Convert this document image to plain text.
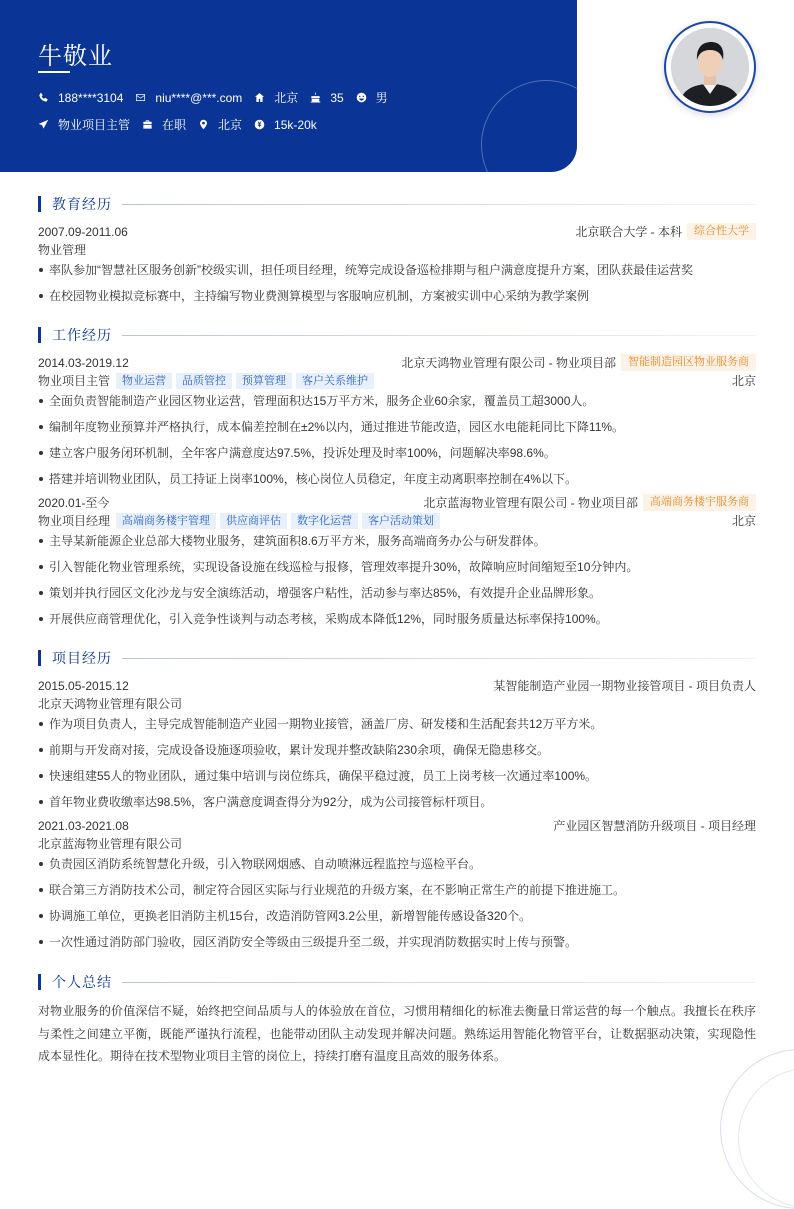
牛敬业
188****3104	niu****@***.com	北京	35	男
物业项目主管	在职	北京	15k-20k
教育经历
2007.09-2011.06	北京联合大学 - 本科	综合性大学
物业管理
率队参加“智慧社区服务创新”校级实训，担任项目经理，统筹完成设备巡检排期与租户满意度提升方案，团队获最佳运营奖
在校园物业模拟竞标赛中，主持编写物业费测算模型与客服响应机制，方案被实训中心采纳为教学案例
工作经历
2014.03-2019.12	北京天鸿物业管理有限公司 - 物业项目部	智能制造园区物业服务商
物业项目主管	物业运营	品质管控	预算管理	客户关系维护	北京
全面负责智能制造产业园区物业运营，管理面积达15万平方米，服务企业60余家，覆盖员工超3000人。
编制年度物业预算并严格执行，成本偏差控制在±2%以内，通过推进节能改造，园区水电能耗同比下降11%。
建立客户服务闭环机制，全年客户满意度达97.5%，投诉处理及时率100%，问题解决率98.6%。
搭建并培训物业团队，员工持证上岗率100%，核心岗位人员稳定，年度主动离职率控制在4%以下。
2020.01-至今	北京蓝海物业管理有限公司 - 物业项目部	高端商务楼宇服务商
物业项目经理	高端商务楼宇管理	供应商评估	数字化运营	客户活动策划	北京
主导某新能源企业总部大楼物业服务，建筑面积8.6万平方米，服务高端商务办公与研发群体。
引入智能化物业管理系统，实现设备设施在线巡检与报修，管理效率提升30%，故障响应时间缩短至10分钟内。
策划并执行园区文化沙龙与安全演练活动，增强客户粘性，活动参与率达85%，有效提升企业品牌形象。
开展供应商管理优化，引入竞争性谈判与动态考核，采购成本降低12%，同时服务质量达标率保持100%。
项目经历
2015.05-2015.12	某智能制造产业园一期物业接管项目 - 项目负责人
北京天鸿物业管理有限公司
作为项目负责人，主导完成智能制造产业园一期物业接管，涵盖厂房、研发楼和生活配套共12万平方米。
前期与开发商对接，完成设备设施逐项验收，累计发现并整改缺陷230余项，确保无隐患移交。
快速组建55人的物业团队，通过集中培训与岗位练兵，确保平稳过渡，员工上岗考核一次通过率100%。
首年物业费收缴率达98.5%，客户满意度调查得分为92分，成为公司接管标杆项目。
2021.03-2021.08	产业园区智慧消防升级项目 - 项目经理
北京蓝海物业管理有限公司
负责园区消防系统智慧化升级，引入物联网烟感、自动喷淋远程监控与巡检平台。
联合第三方消防技术公司，制定符合园区实际与行业规范的升级方案，在不影响正常生产的前提下推进施工。
协调施工单位，更换老旧消防主机15台，改造消防管网3.2公里，新增智能传感设备320个。
一次性通过消防部门验收，园区消防安全等级由三级提升至二级，并实现消防数据实时上传与预警。
个人总结
对物业服务的价值深信不疑，始终把空间品质与人的体验放在首位，习惯用精细化的标准去衡量日常运营的每一个触点。我擅长在秩序与柔性之间建立平衡，既能严谨执行流程，也能带动团队主动发现并解决问题。熟练运用智能化物管平台，让数据驱动决策，实现隐性成本显性化。期待在技术型物业项目主管的岗位上，持续打磨有温度且高效的服务体系。
